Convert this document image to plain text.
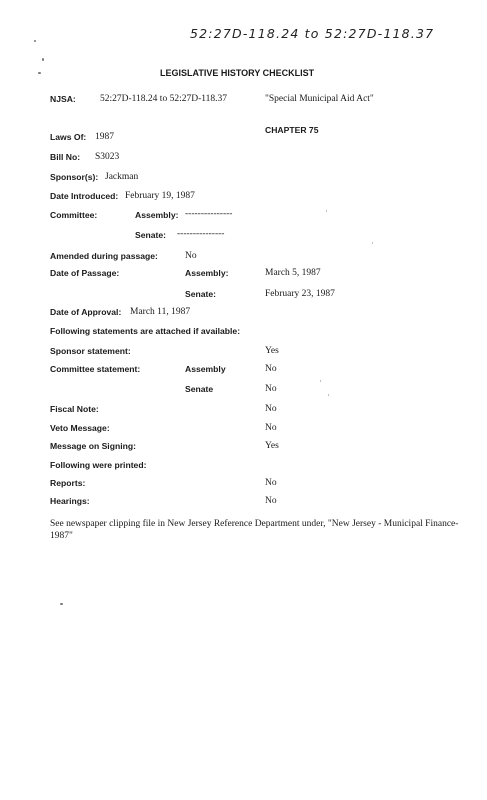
52:27D-118.24 to 52:27D-118.37
LEGISLATIVE HISTORY CHECKLIST
NJSA:	52:27D-118.24 to 52:27D-118.37	"Special Municipal Aid Act"
CHAPTER 75
Laws Of: 1987
Bill No: S3023
Sponsor(s): Jackman
Date Introduced: February 19, 1987
Committee:	Assembly: ---------------
Senate: ---------------
Amended during passage:	No
Date of Passage:	Assembly:	March 5, 1987
Senate:	February 23, 1987
Date of Approval: March 11, 1987
Following statements are attached if available:
Sponsor statement:	Yes
Committee statement:	Assembly	No
Senate	No
Fiscal Note:	No
Veto Message:	No
Message on Signing:	Yes
Following were printed:
Reports:	No
Hearings:	No
See newspaper clipping file in New Jersey Reference Department under, "New Jersey - Municipal Finance- 1987"
